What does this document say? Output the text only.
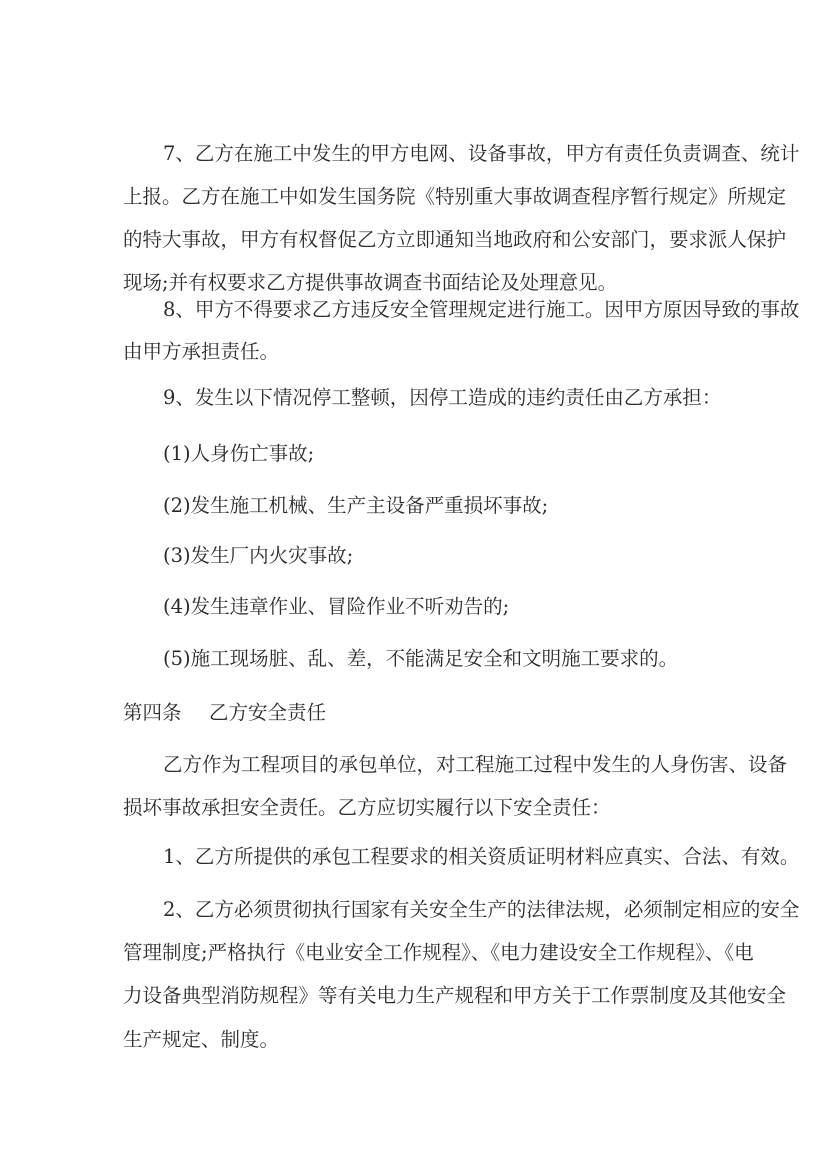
7、乙方在施工中发生的甲方电网、设备事故，甲方有责任负责调查、统计
上报。乙方在施工中如发生国务院《特别重大事故调查程序暂行规定》所规定
的特大事故，甲方有权督促乙方立即通知当地政府和公安部门，要求派人保护
现场;并有权要求乙方提供事故调查书面结论及处理意见。
8、甲方不得要求乙方违反安全管理规定进行施工。因甲方原因导致的事故
由甲方承担责任。
9、发生以下情况停工整顿，因停工造成的违约责任由乙方承担：
(1)人身伤亡事故;
(2)发生施工机械、生产主设备严重损坏事故;
(3)发生厂内火灾事故;
(4)发生违章作业、冒险作业不听劝告的;
(5)施工现场脏、乱、差，不能满足安全和文明施工要求的。
第四条 乙方安全责任
乙方作为工程项目的承包单位，对工程施工过程中发生的人身伤害、设备
损坏事故承担安全责任。乙方应切实履行以下安全责任：
1、乙方所提供的承包工程要求的相关资质证明材料应真实、合法、有效。
2、乙方必须贯彻执行国家有关安全生产的法律法规，必须制定相应的安全
管理制度;严格执行《电业安全工作规程》、《电力建设安全工作规程》、《电
力设备典型消防规程》等有关电力生产规程和甲方关于工作票制度及其他安全
生产规定、制度。
